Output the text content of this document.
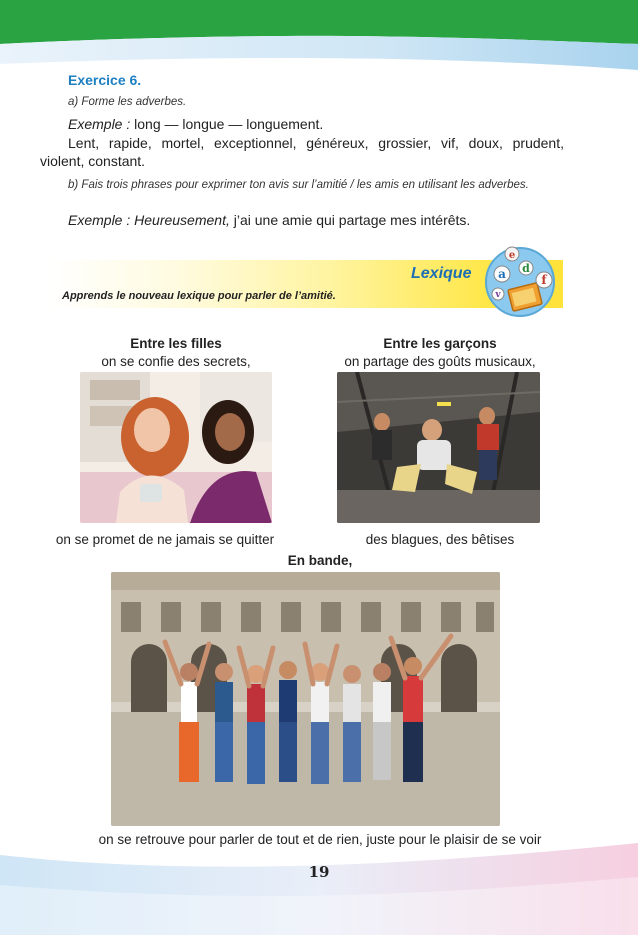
Exercice 6.
a) Forme les adverbes.
Exemple : long — longue — longuement.
Lent, rapide, mortel, exceptionnel, généreux, grossier, vif, doux, prudent, violent, constant.
b) Fais trois phrases pour exprimer ton avis sur l’amitié / les amis en utilisant les adverbes.
Exemple : Heureusement, j’ai une amie qui partage mes intérêts.
Lexique
Apprends le nouveau lexique pour parler de l’amitié.
e
a d
f
v
Entre les filles
on se confie des secrets,
on se promet de ne jamais se quitter
Entre les garçons
on partage des goûts musicaux,
des blagues, des bêtises
En bande,
on se retrouve pour parler de tout et de rien, juste pour le plaisir de se voir
19
